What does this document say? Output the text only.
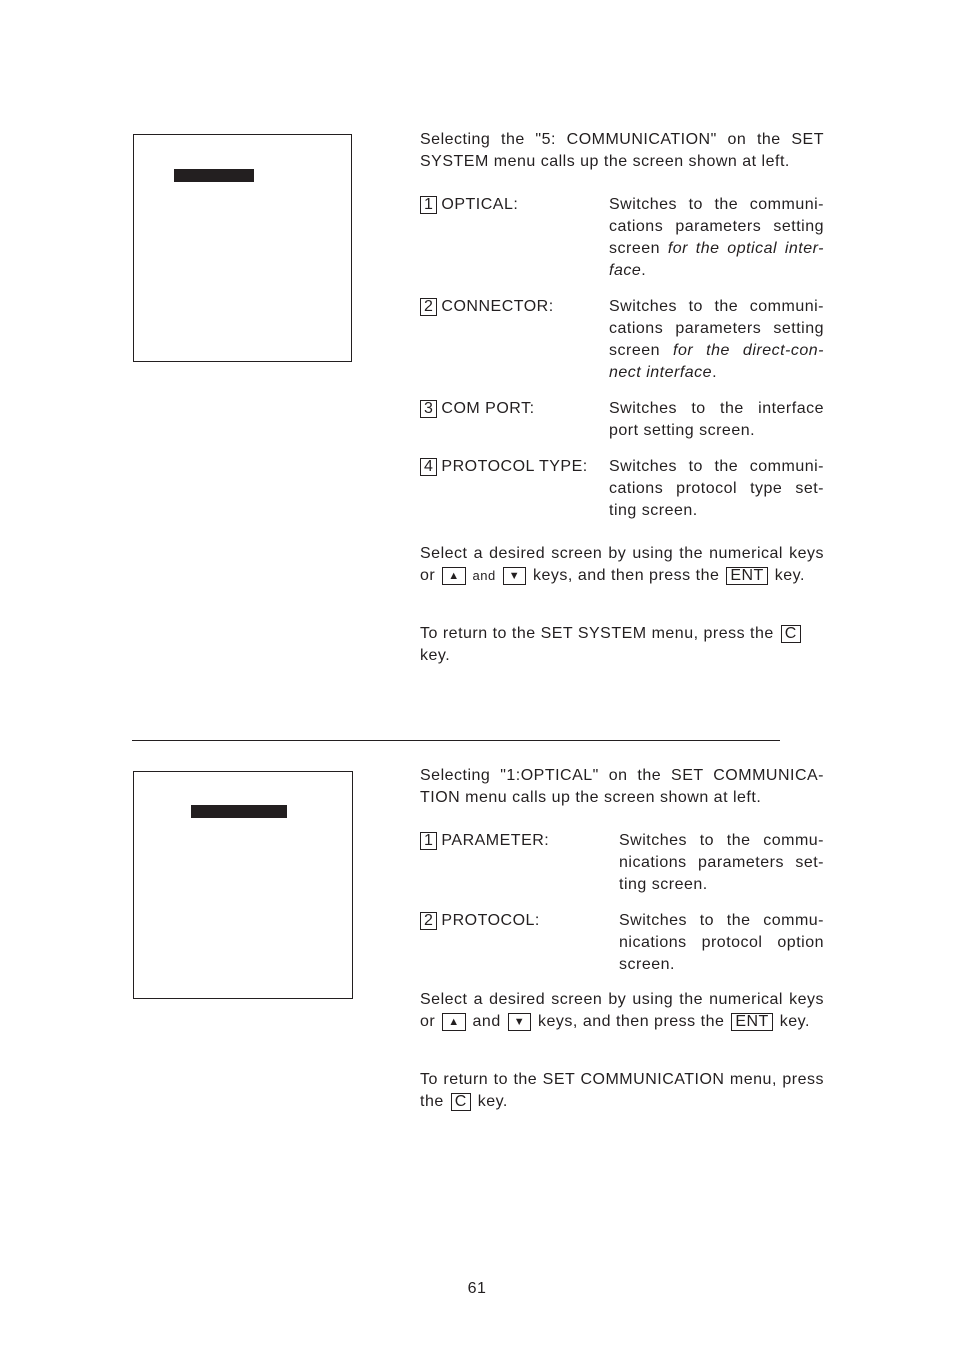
Selecting the "5: COMMUNICATION" on the SET SYSTEM menu calls up the screen shown at left.
1 OPTICAL:	Switches to the communi- cations parameters setting screen for the optical inter- face.
2 CONNECTOR:	Switches to the communi- cations parameters setting screen for the direct-con- nect interface.
3 COM PORT:	Switches to the interface port setting screen.
4 PROTOCOL TYPE: Switches to the communi- cations protocol type set- ting screen.
Select a desired screen by using the numerical keys or ▲ and ▼ keys, and then press the ENT key.
To return to the SET SYSTEM menu, press the C key.
Selecting "1:OPTICAL" on the SET COMMUNICA- TION menu calls up the screen shown at left.
1 PARAMETER:	Switches to the commu- nications parameters set- ting screen.
2 PROTOCOL:	Switches to the commu- nications protocol option screen.
Select a desired screen by using the numerical keys or ▲ and ▼ keys, and then press the ENT key.
To return to the SET COMMUNICATION menu, press the C key.
61
